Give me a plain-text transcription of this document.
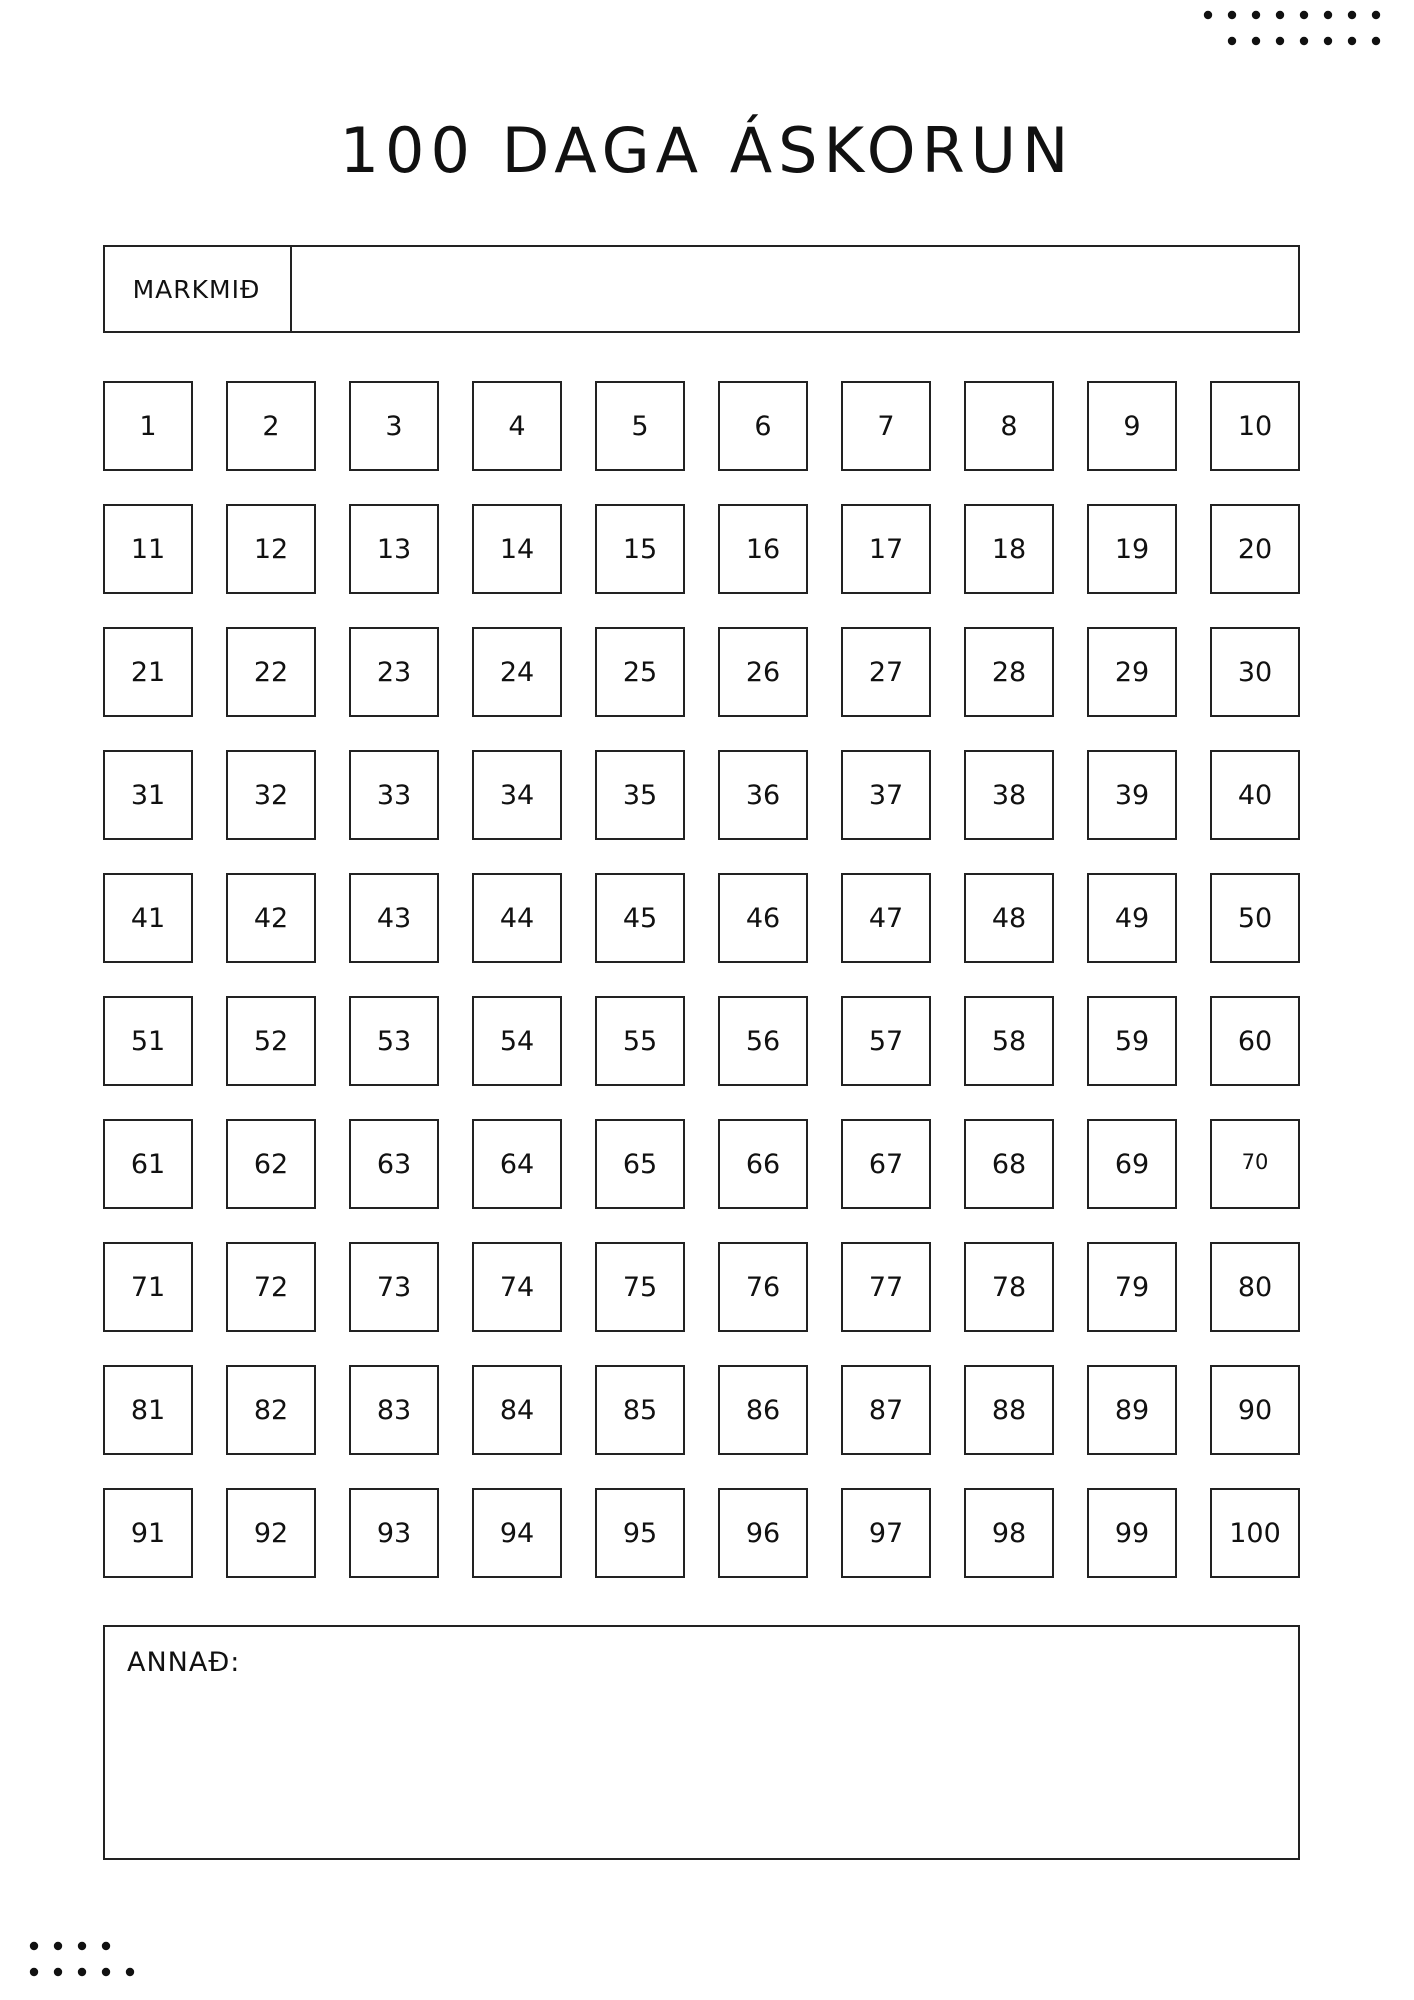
100 DAGA ÁSKORUN
MARKMIÐ
1	2	3	4	5	6	7	8	9	10
11	12	13	14	15	16	17	18	19	20
21	22	23	24	25	26	27	28	29	30
31	32	33	34	35	36	37	38	39	40
41	42	43	44	45	46	47	48	49	50
51	52	53	54	55	56	57	58	59	60
61	62	63	64	65	66	67	68	69	70
71	72	73	74	75	76	77	78	79	80
81	82	83	84	85	86	87	88	89	90
91	92	93	94	95	96	97	98	99	100
ANNAÐ:
